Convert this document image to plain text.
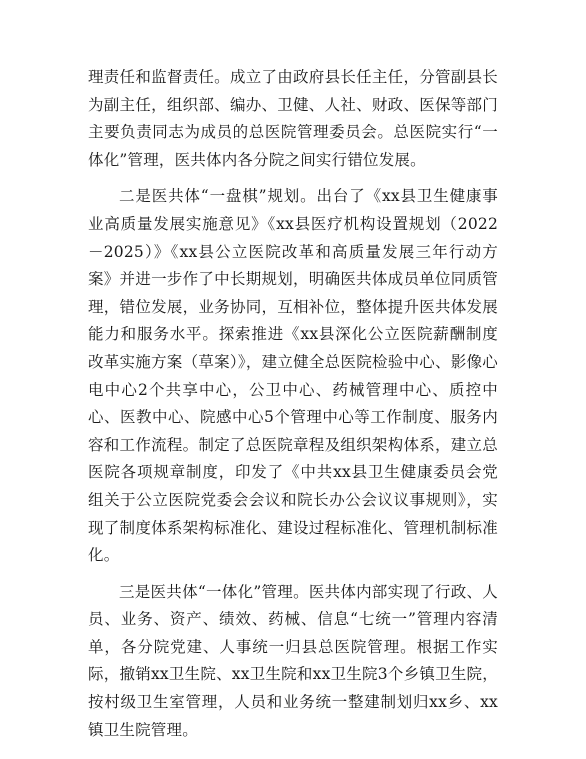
理责任和监督责任。成立了由政府县长任主任，分管副县长为副主任，组织部、编办、卫健、人社、财政、医保等部门主要负责同志为成员的总医院管理委员会。总医院实行“一体化”管理，医共体内各分院之间实行错位发展。

二是医共体“一盘棋”规划。出台了《xx县卫生健康事业高质量发展实施意见》《xx县医疗机构设置规划（2022－2025）》《xx县公立医院改革和高质量发展三年行动方案》并进一步作了中长期规划，明确医共体成员单位同质管理，错位发展，业务协同，互相补位，整体提升医共体发展能力和服务水平。探索推进《xx县深化公立医院薪酬制度改革实施方案（草案）》，建立健全总医院检验中心、影像心电中心2个共享中心，公卫中心、药械管理中心、质控中心、医教中心、院感中心5个管理中心等工作制度、服务内容和工作流程。制定了总医院章程及组织架构体系，建立总医院各项规章制度，印发了《中共xx县卫生健康委员会党组关于公立医院党委会会议和院长办公会议议事规则》，实现了制度体系架构标准化、建设过程标准化、管理机制标准化。

三是医共体“一体化”管理。医共体内部实现了行政、人员、业务、资产、绩效、药械、信息“七统一”管理内容清单，各分院党建、人事统一归县总医院管理。根据工作实际，撤销xx卫生院、xx卫生院和xx卫生院3个乡镇卫生院，按村级卫生室管理，人员和业务统一整建制划归xx乡、xx镇卫生院管理。
